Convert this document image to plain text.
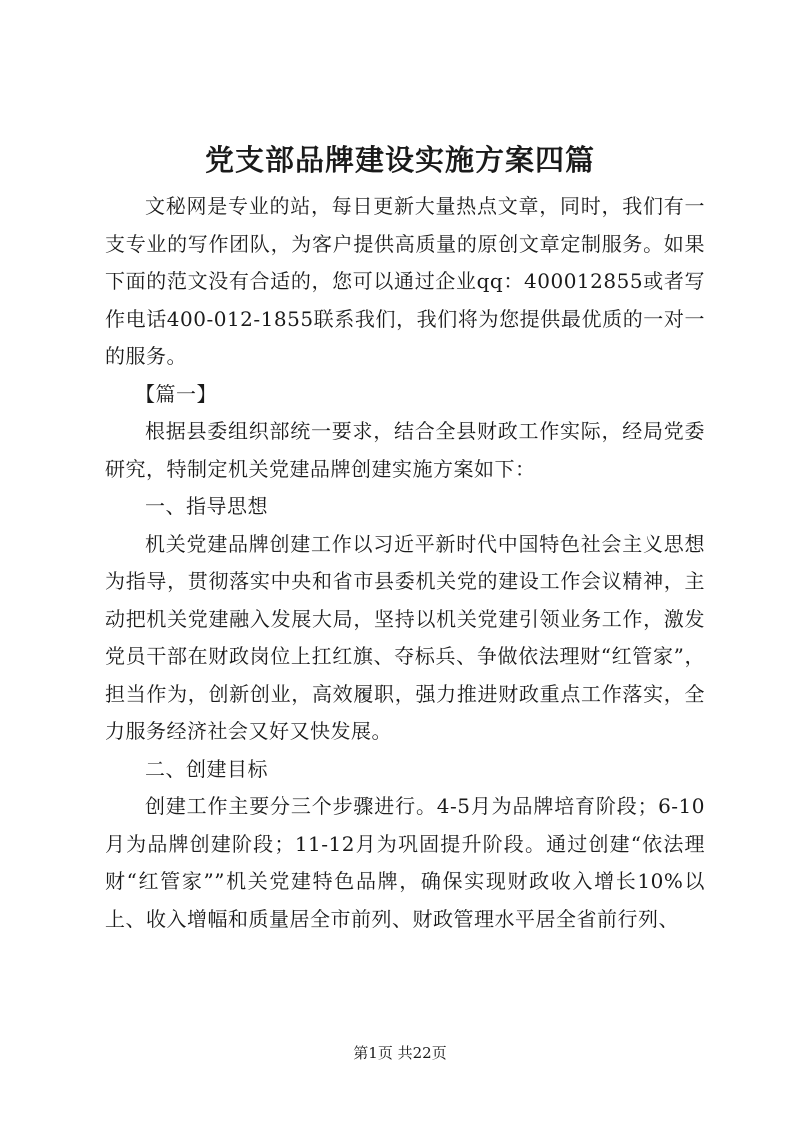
党支部品牌建设实施方案四篇

文秘网是专业的站，每日更新大量热点文章，同时，我们有一支专业的写作团队，为客户提供高质量的原创文章定制服务。如果下面的范文没有合适的，您可以通过企业qq：400012855或者写作电话400-012-1855联系我们，我们将为您提供最优质的一对一的服务。

【篇一】

根据县委组织部统一要求，结合全县财政工作实际，经局党委研究，特制定机关党建品牌创建实施方案如下：

一、指导思想

机关党建品牌创建工作以习近平新时代中国特色社会主义思想为指导，贯彻落实中央和省市县委机关党的建设工作会议精神，主动把机关党建融入发展大局，坚持以机关党建引领业务工作，激发党员干部在财政岗位上扛红旗、夺标兵、争做依法理财“红管家”，担当作为，创新创业，高效履职，强力推进财政重点工作落实，全力服务经济社会又好又快发展。

二、创建目标

创建工作主要分三个步骤进行。4-5月为品牌培育阶段；6-10月为品牌创建阶段；11-12月为巩固提升阶段。通过创建“依法理财“红管家””机关党建特色品牌，确保实现财政收入增长10%以上、收入增幅和质量居全市前列、财政管理水平居全省前行列、

第1页 共22页
